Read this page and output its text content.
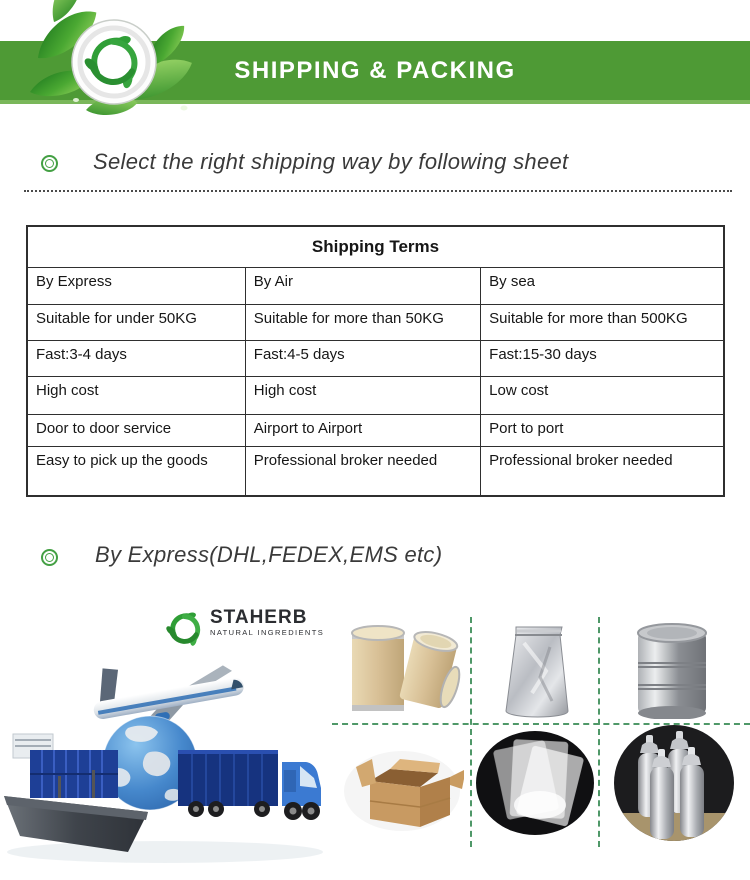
SHIPPING & PACKING
Select the right shipping way by following sheet
Shipping Terms		
By Express	By Air	By sea
Suitable for under 50KG	Suitable for more than 50KG	Suitable for more than 500KG
Fast:3-4 days	Fast:4-5 days	Fast:15-30 days
High cost	High cost	Low cost
Door to door service	Airport to Airport	Port to port
Easy to pick up the goods	Professional broker needed	Professional broker needed
By Express(DHL,FEDEX,EMS etc)
STAHERB
NATURAL INGREDIENTS
